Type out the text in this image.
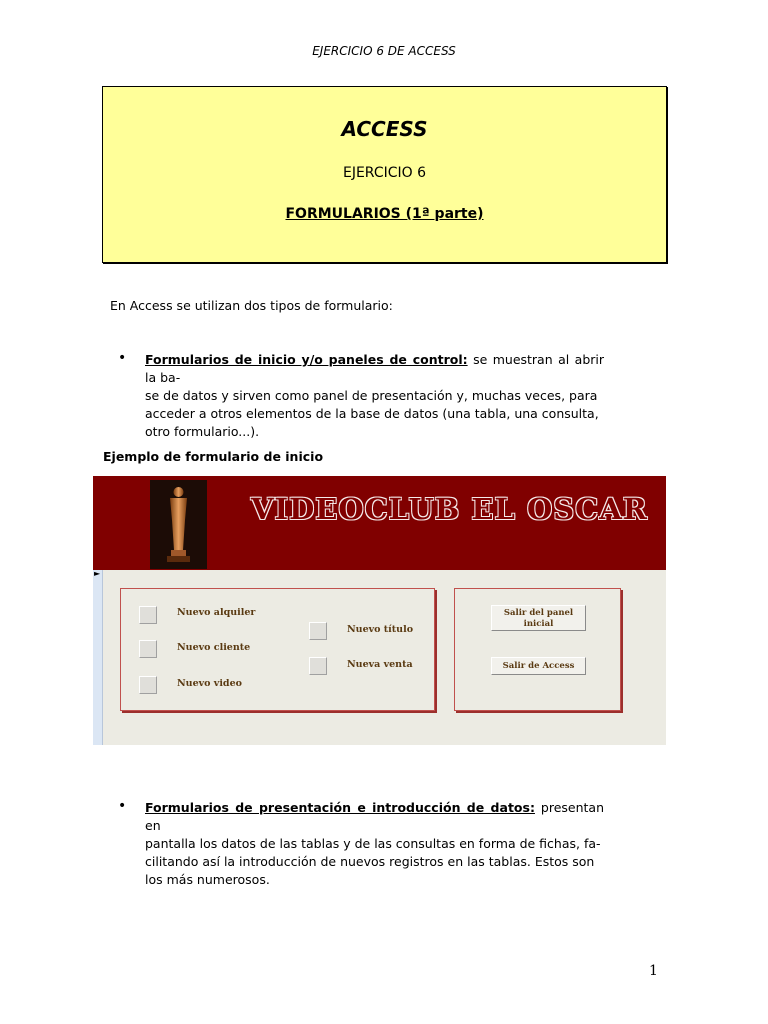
EJERCICIO 6 DE ACCESS
ACCESS
EJERCICIO 6
FORMULARIOS (1ª parte)
En Access se utilizan dos tipos de formulario:
• Formularios de inicio y/o paneles de control: se muestran al abrir la ba-
se de datos y sirven como panel de presentación y, muchas veces, para
acceder a otros elementos de la base de datos (una tabla, una consulta,
otro formulario...).
Ejemplo de formulario de inicio
VIDEOCLUB EL OSCAR
►
Nuevo alquiler
Nuevo cliente
Nuevo video
Nuevo título
Nueva venta
Salir del panel inicial
Salir de Access
• Formularios de presentación e introducción de datos: presentan en
pantalla los datos de las tablas y de las consultas en forma de fichas, fa-
cilitando así la introducción de nuevos registros en las tablas. Estos son
los más numerosos.
1
